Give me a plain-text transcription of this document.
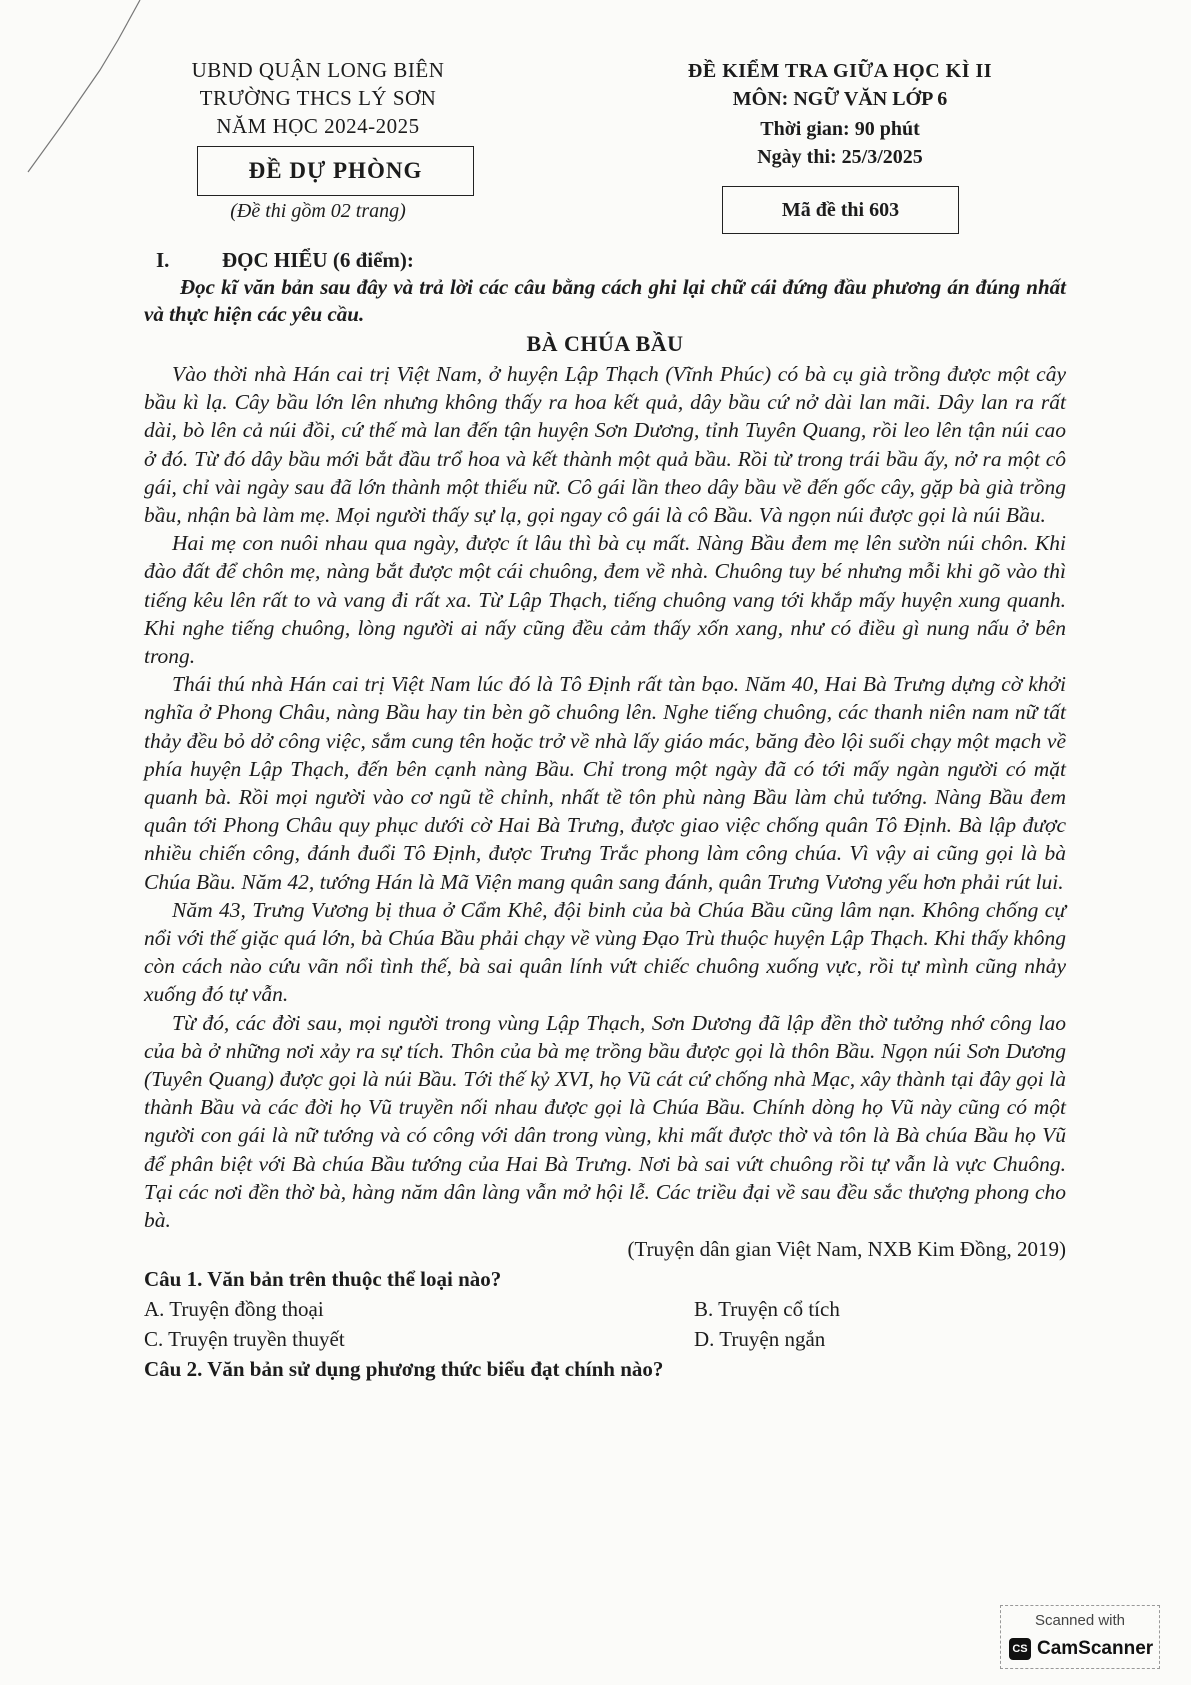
UBND QUẬN LONG BIÊN
TRƯỜNG THCS LÝ SƠN
NĂM HỌC 2024-2025
ĐỀ DỰ PHÒNG
(Đề thi gồm 02 trang)
ĐỀ KIỂM TRA GIỮA HỌC KÌ II
MÔN: NGỮ VĂN LỚP 6
Thời gian: 90 phút
Ngày thi: 25/3/2025
Mã đề thi 603
I.	ĐỌC HIỂU (6 điểm):
Đọc kĩ văn bản sau đây và trả lời các câu bằng cách ghi lại chữ cái đứng đầu phương án đúng nhất và thực hiện các yêu cầu.
BÀ CHÚA BẦU

Vào thời nhà Hán cai trị Việt Nam, ở huyện Lập Thạch (Vĩnh Phúc) có bà cụ già trồng được một cây bầu kì lạ. Cây bầu lớn lên nhưng không thấy ra hoa kết quả, dây bầu cứ nở dài lan mãi. Dây lan ra rất dài, bò lên cả núi đồi, cứ thế mà lan đến tận huyện Sơn Dương, tỉnh Tuyên Quang, rồi leo lên tận núi cao ở đó. Từ đó dây bầu mới bắt đầu trổ hoa và kết thành một quả bầu. Rồi từ trong trái bầu ấy, nở ra một cô gái, chỉ vài ngày sau đã lớn thành một thiếu nữ. Cô gái lần theo dây bầu về đến gốc cây, gặp bà già trồng bầu, nhận bà làm mẹ. Mọi người thấy sự lạ, gọi ngay cô gái là cô Bầu. Và ngọn núi được gọi là núi Bầu.

Hai mẹ con nuôi nhau qua ngày, được ít lâu thì bà cụ mất. Nàng Bầu đem mẹ lên sườn núi chôn. Khi đào đất để chôn mẹ, nàng bắt được một cái chuông, đem về nhà. Chuông tuy bé nhưng mỗi khi gõ vào thì tiếng kêu lên rất to và vang đi rất xa. Từ Lập Thạch, tiếng chuông vang tới khắp mấy huyện xung quanh. Khi nghe tiếng chuông, lòng người ai nấy cũng đều cảm thấy xốn xang, như có điều gì nung nấu ở bên trong.

Thái thú nhà Hán cai trị Việt Nam lúc đó là Tô Định rất tàn bạo. Năm 40, Hai Bà Trưng dựng cờ khởi nghĩa ở Phong Châu, nàng Bầu hay tin bèn gõ chuông lên. Nghe tiếng chuông, các thanh niên nam nữ tất thảy đều bỏ dở công việc, sắm cung tên hoặc trở về nhà lấy giáo mác, băng đèo lội suối chạy một mạch về phía huyện Lập Thạch, đến bên cạnh nàng Bầu. Chỉ trong một ngày đã có tới mấy ngàn người có mặt quanh bà. Rồi mọi người vào cơ ngũ tề chỉnh, nhất tề tôn phù nàng Bầu làm chủ tướng. Nàng Bầu đem quân tới Phong Châu quy phục dưới cờ Hai Bà Trưng, được giao việc chống quân Tô Định. Bà lập được nhiều chiến công, đánh đuổi Tô Định, được Trưng Trắc phong làm công chúa. Vì vậy ai cũng gọi là bà Chúa Bầu. Năm 42, tướng Hán là Mã Viện mang quân sang đánh, quân Trưng Vương yếu hơn phải rút lui.

Năm 43, Trưng Vương bị thua ở Cẩm Khê, đội binh của bà Chúa Bầu cũng lâm nạn. Không chống cự nổi với thế giặc quá lớn, bà Chúa Bầu phải chạy về vùng Đạo Trù thuộc huyện Lập Thạch. Khi thấy không còn cách nào cứu vãn nổi tình thế, bà sai quân lính vứt chiếc chuông xuống vực, rồi tự mình cũng nhảy xuống đó tự vẫn.

Từ đó, các đời sau, mọi người trong vùng Lập Thạch, Sơn Dương đã lập đền thờ tưởng nhớ công lao của bà ở những nơi xảy ra sự tích. Thôn của bà mẹ trồng bầu được gọi là thôn Bầu. Ngọn núi Sơn Dương (Tuyên Quang) được gọi là núi Bầu. Tới thế kỷ XVI, họ Vũ cát cứ chống nhà Mạc, xây thành tại đây gọi là thành Bầu và các đời họ Vũ truyền nối nhau được gọi là Chúa Bầu. Chính dòng họ Vũ này cũng có một người con gái là nữ tướng và có công với dân trong vùng, khi mất được thờ và tôn là Bà chúa Bầu họ Vũ để phân biệt với Bà chúa Bầu tướng của Hai Bà Trưng. Nơi bà sai vứt chuông rồi tự vẫn là vực Chuông. Tại các nơi đền thờ bà, hàng năm dân làng vẫn mở hội lễ. Các triều đại về sau đều sắc thượng phong cho bà.

(Truyện dân gian Việt Nam, NXB Kim Đồng, 2019)
Câu 1. Văn bản trên thuộc thể loại nào?
A. Truyện đồng thoại	B. Truyện cổ tích
C. Truyện truyền thuyết	D. Truyện ngắn
Câu 2. Văn bản sử dụng phương thức biểu đạt chính nào?
Scanned with
CS CamScanner
